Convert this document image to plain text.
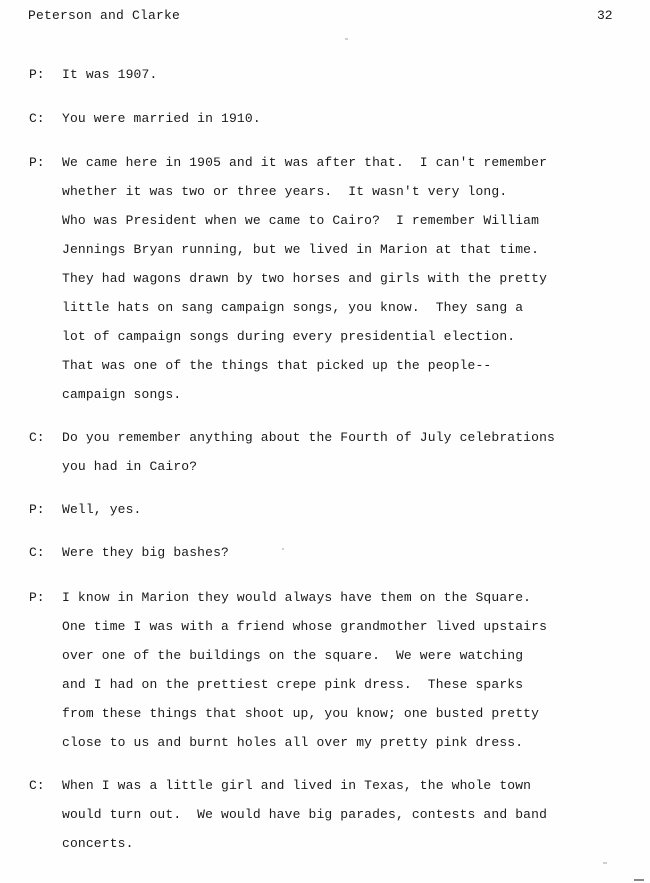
Peterson and Clarke	32
P: It was 1907.
C: You were married in 1910.
P: We came here in 1905 and it was after that.  I can't remember
whether it was two or three years.  It wasn't very long.
Who was President when we came to Cairo?  I remember William
Jennings Bryan running, but we lived in Marion at that time.
They had wagons drawn by two horses and girls with the pretty
little hats on sang campaign songs, you know.  They sang a
lot of campaign songs during every presidential election.
That was one of the things that picked up the people--
campaign songs.
C: Do you remember anything about the Fourth of July celebrations
you had in Cairo?
P: Well, yes.
C: Were they big bashes?
P: I know in Marion they would always have them on the Square.
One time I was with a friend whose grandmother lived upstairs
over one of the buildings on the square.  We were watching
and I had on the prettiest crepe pink dress.  These sparks
from these things that shoot up, you know; one busted pretty
close to us and burnt holes all over my pretty pink dress.
C: When I was a little girl and lived in Texas, the whole town
would turn out.  We would have big parades, contests and band
concerts.
